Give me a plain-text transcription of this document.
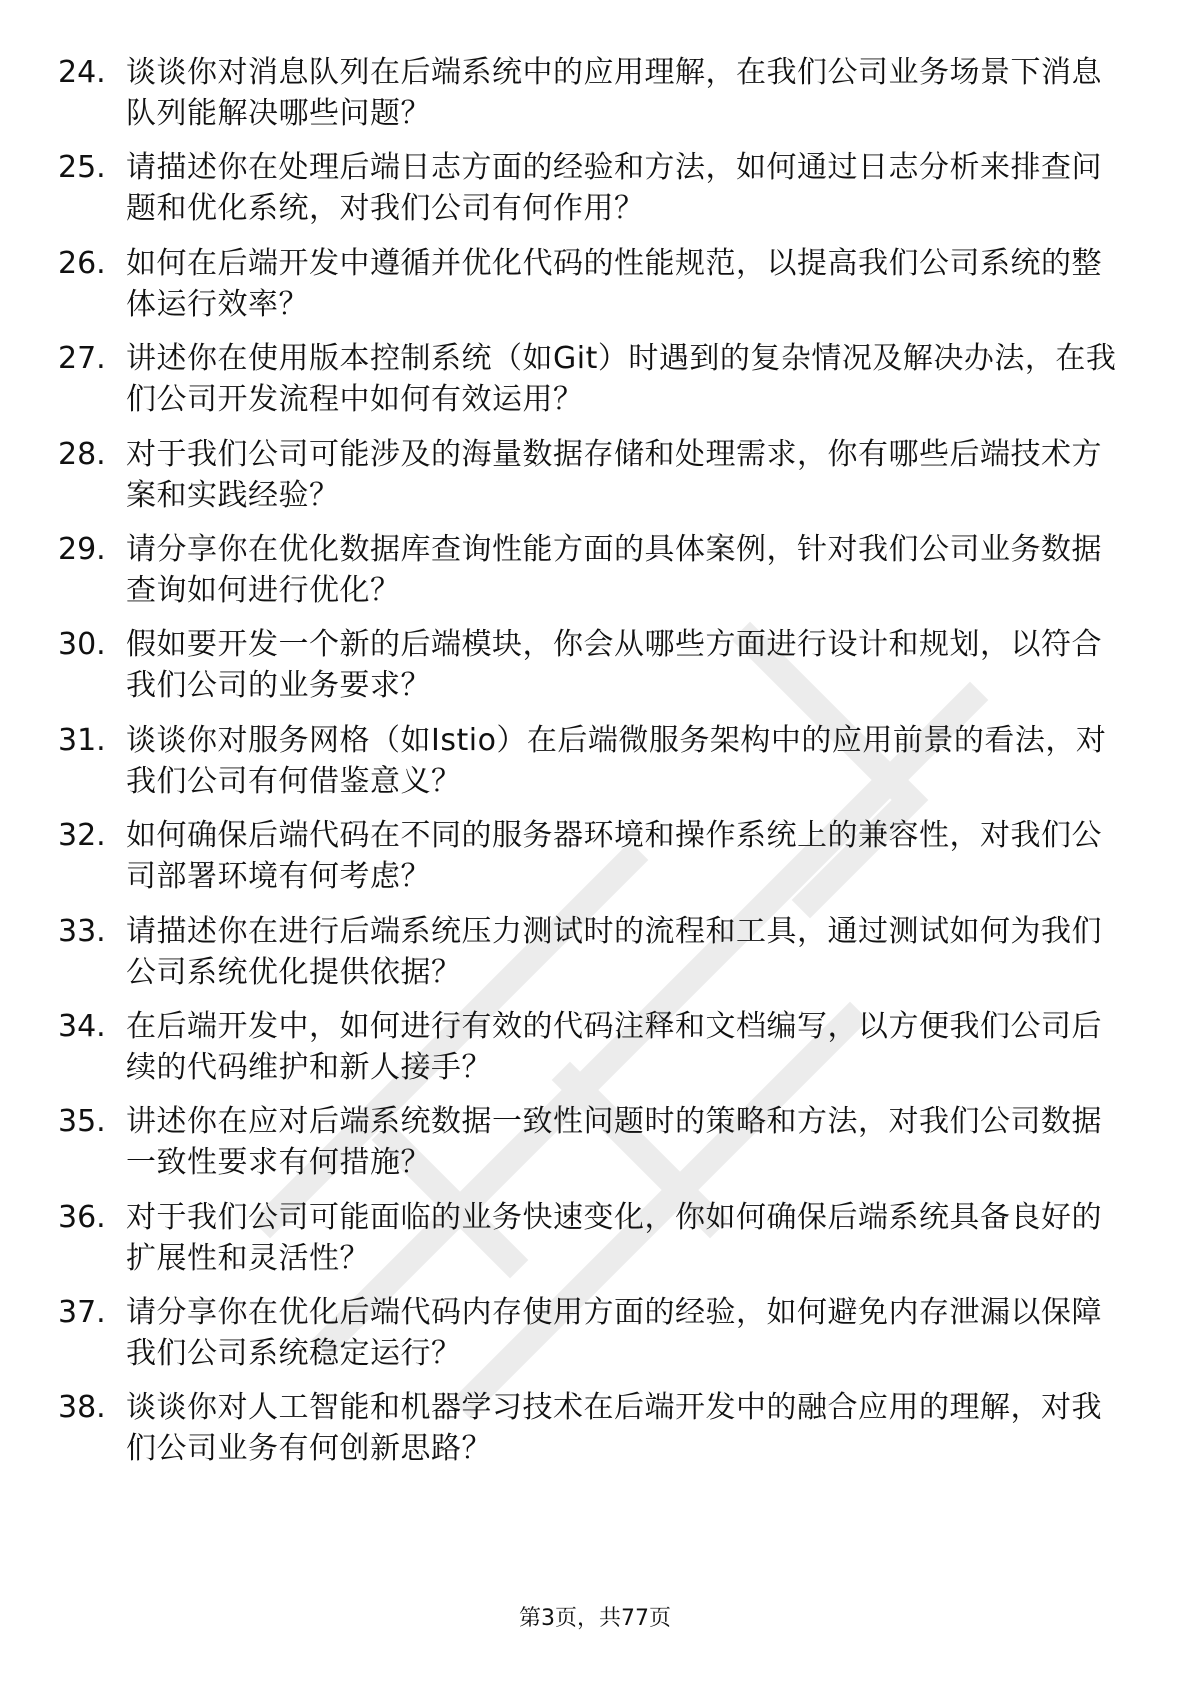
24. 谈谈你对消息队列在后端系统中的应用理解，在我们公司业务场景下消息队列能解决哪些问题？
25. 请描述你在处理后端日志方面的经验和方法，如何通过日志分析来排查问题和优化系统，对我们公司有何作用？
26. 如何在后端开发中遵循并优化代码的性能规范，以提高我们公司系统的整体运行效率？
27. 讲述你在使用版本控制系统（如Git）时遇到的复杂情况及解决办法，在我们公司开发流程中如何有效运用？
28. 对于我们公司可能涉及的海量数据存储和处理需求，你有哪些后端技术方案和实践经验？
29. 请分享你在优化数据库查询性能方面的具体案例，针对我们公司业务数据查询如何进行优化？
30. 假如要开发一个新的后端模块，你会从哪些方面进行设计和规划，以符合我们公司的业务要求？
31. 谈谈你对服务网格（如Istio）在后端微服务架构中的应用前景的看法，对我们公司有何借鉴意义？
32. 如何确保后端代码在不同的服务器环境和操作系统上的兼容性，对我们公司部署环境有何考虑？
33. 请描述你在进行后端系统压力测试时的流程和工具，通过测试如何为我们公司系统优化提供依据？
34. 在后端开发中，如何进行有效的代码注释和文档编写，以方便我们公司后续的代码维护和新人接手？
35. 讲述你在应对后端系统数据一致性问题时的策略和方法，对我们公司数据一致性要求有何措施？
36. 对于我们公司可能面临的业务快速变化，你如何确保后端系统具备良好的扩展性和灵活性？
37. 请分享你在优化后端代码内存使用方面的经验，如何避免内存泄漏以保障我们公司系统稳定运行？
38. 谈谈你对人工智能和机器学习技术在后端开发中的融合应用的理解，对我们公司业务有何创新思路？
第3页，共77页
